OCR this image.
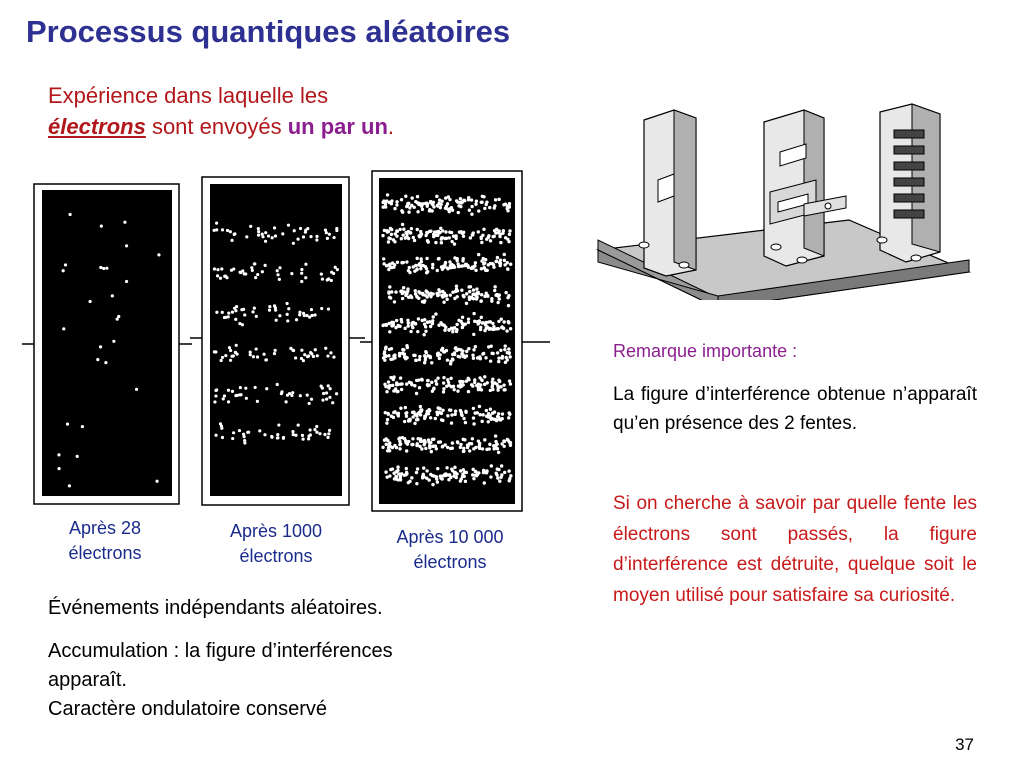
Processus quantiques aléatoires
Expérience dans laquelle les
électrons sont envoyés un par un.
Après 28
électrons
Après 1000
électrons
Après 10 000
électrons
Événements indépendants aléatoires.
Accumulation : la figure d’interférences
apparaît.
Caractère ondulatoire conservé
Remarque importante :
La figure d’interférence obtenue n’apparaît qu’en présence des 2 fentes.
Si on cherche à savoir par quelle fente les électrons sont passés, la figure d’interférence est détruite, quelque soit le moyen utilisé pour satisfaire sa curiosité.
37
